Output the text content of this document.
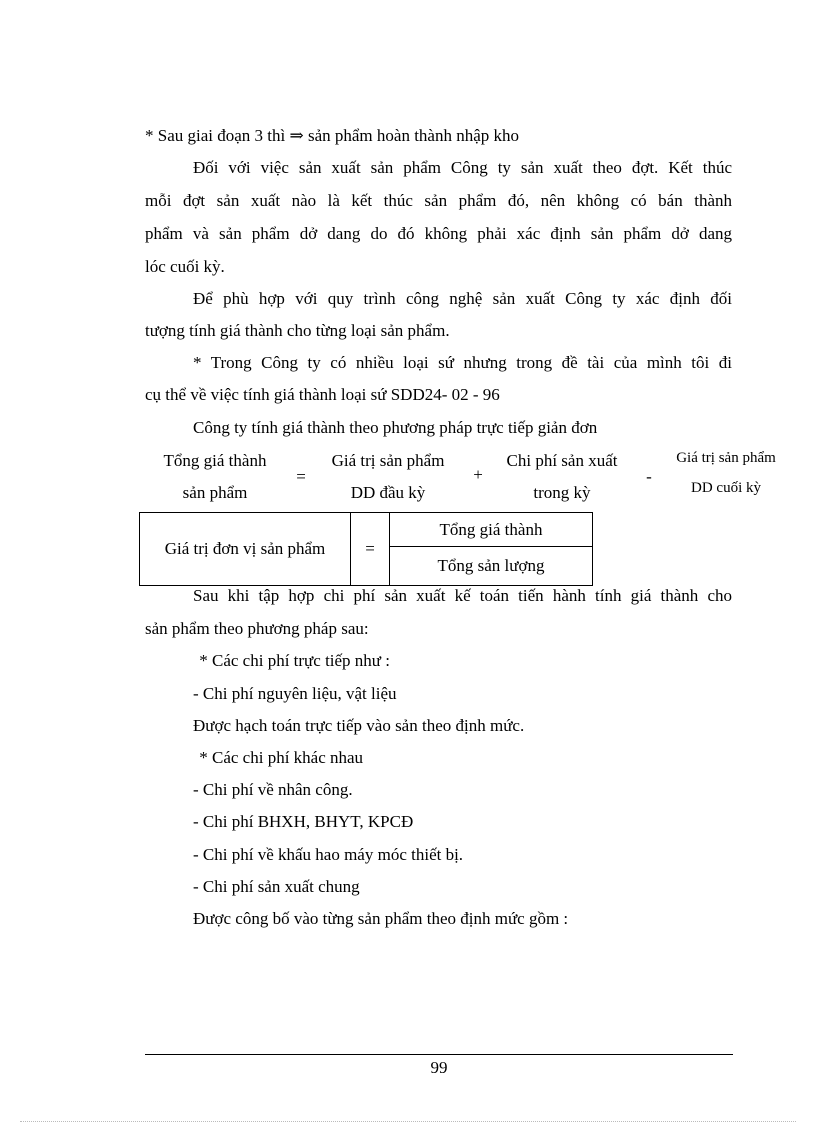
* Sau giai đoạn 3 thì ⇒ sản phẩm hoàn thành nhập kho
Đối với việc sản xuất sản phẩm Công ty sản xuất theo đợt. Kết thúc
mỗi đợt sản xuất nào là kết thúc sản phẩm đó, nên không có bán thành
phẩm và sản phẩm dở dang do đó không phải xác định sản phẩm dở dang
lóc cuối kỳ.
Để phù hợp với quy trình công nghệ sản xuất Công ty xác định đối
tượng tính giá thành cho từng loại sản phẩm.
* Trong Công ty có nhiều loại sứ nhưng trong đề tài của mình tôi đi
cụ thể về việc tính giá thành loại sứ SDD24- 02 - 96
Công ty tính giá thành theo phương pháp trực tiếp giản đơn
Tổng giá thành
sản phẩm
=
Giá trị sản phẩm
DD đầu kỳ
+
Chi phí sản xuất
trong kỳ
-
Giá trị sản phẩm
DD cuối kỳ
Giá trị đơn vị sản phẩm	=	Tổng giá thành
Tổng sản lượng
Sau khi tập hợp chi phí sản xuất kế toán tiến hành tính giá thành cho
sản phẩm theo phương pháp sau:
* Các chi phí trực tiếp như :
- Chi phí nguyên liệu, vật liệu
Được hạch toán trực tiếp vào sản theo định mức.
* Các chi phí khác nhau
- Chi phí về nhân công.
- Chi phí BHXH, BHYT, KPCĐ
- Chi phí về khấu hao máy móc thiết bị.
- Chi phí sản xuất chung
Được công bố vào từng sản phẩm theo định mức gồm :
99
